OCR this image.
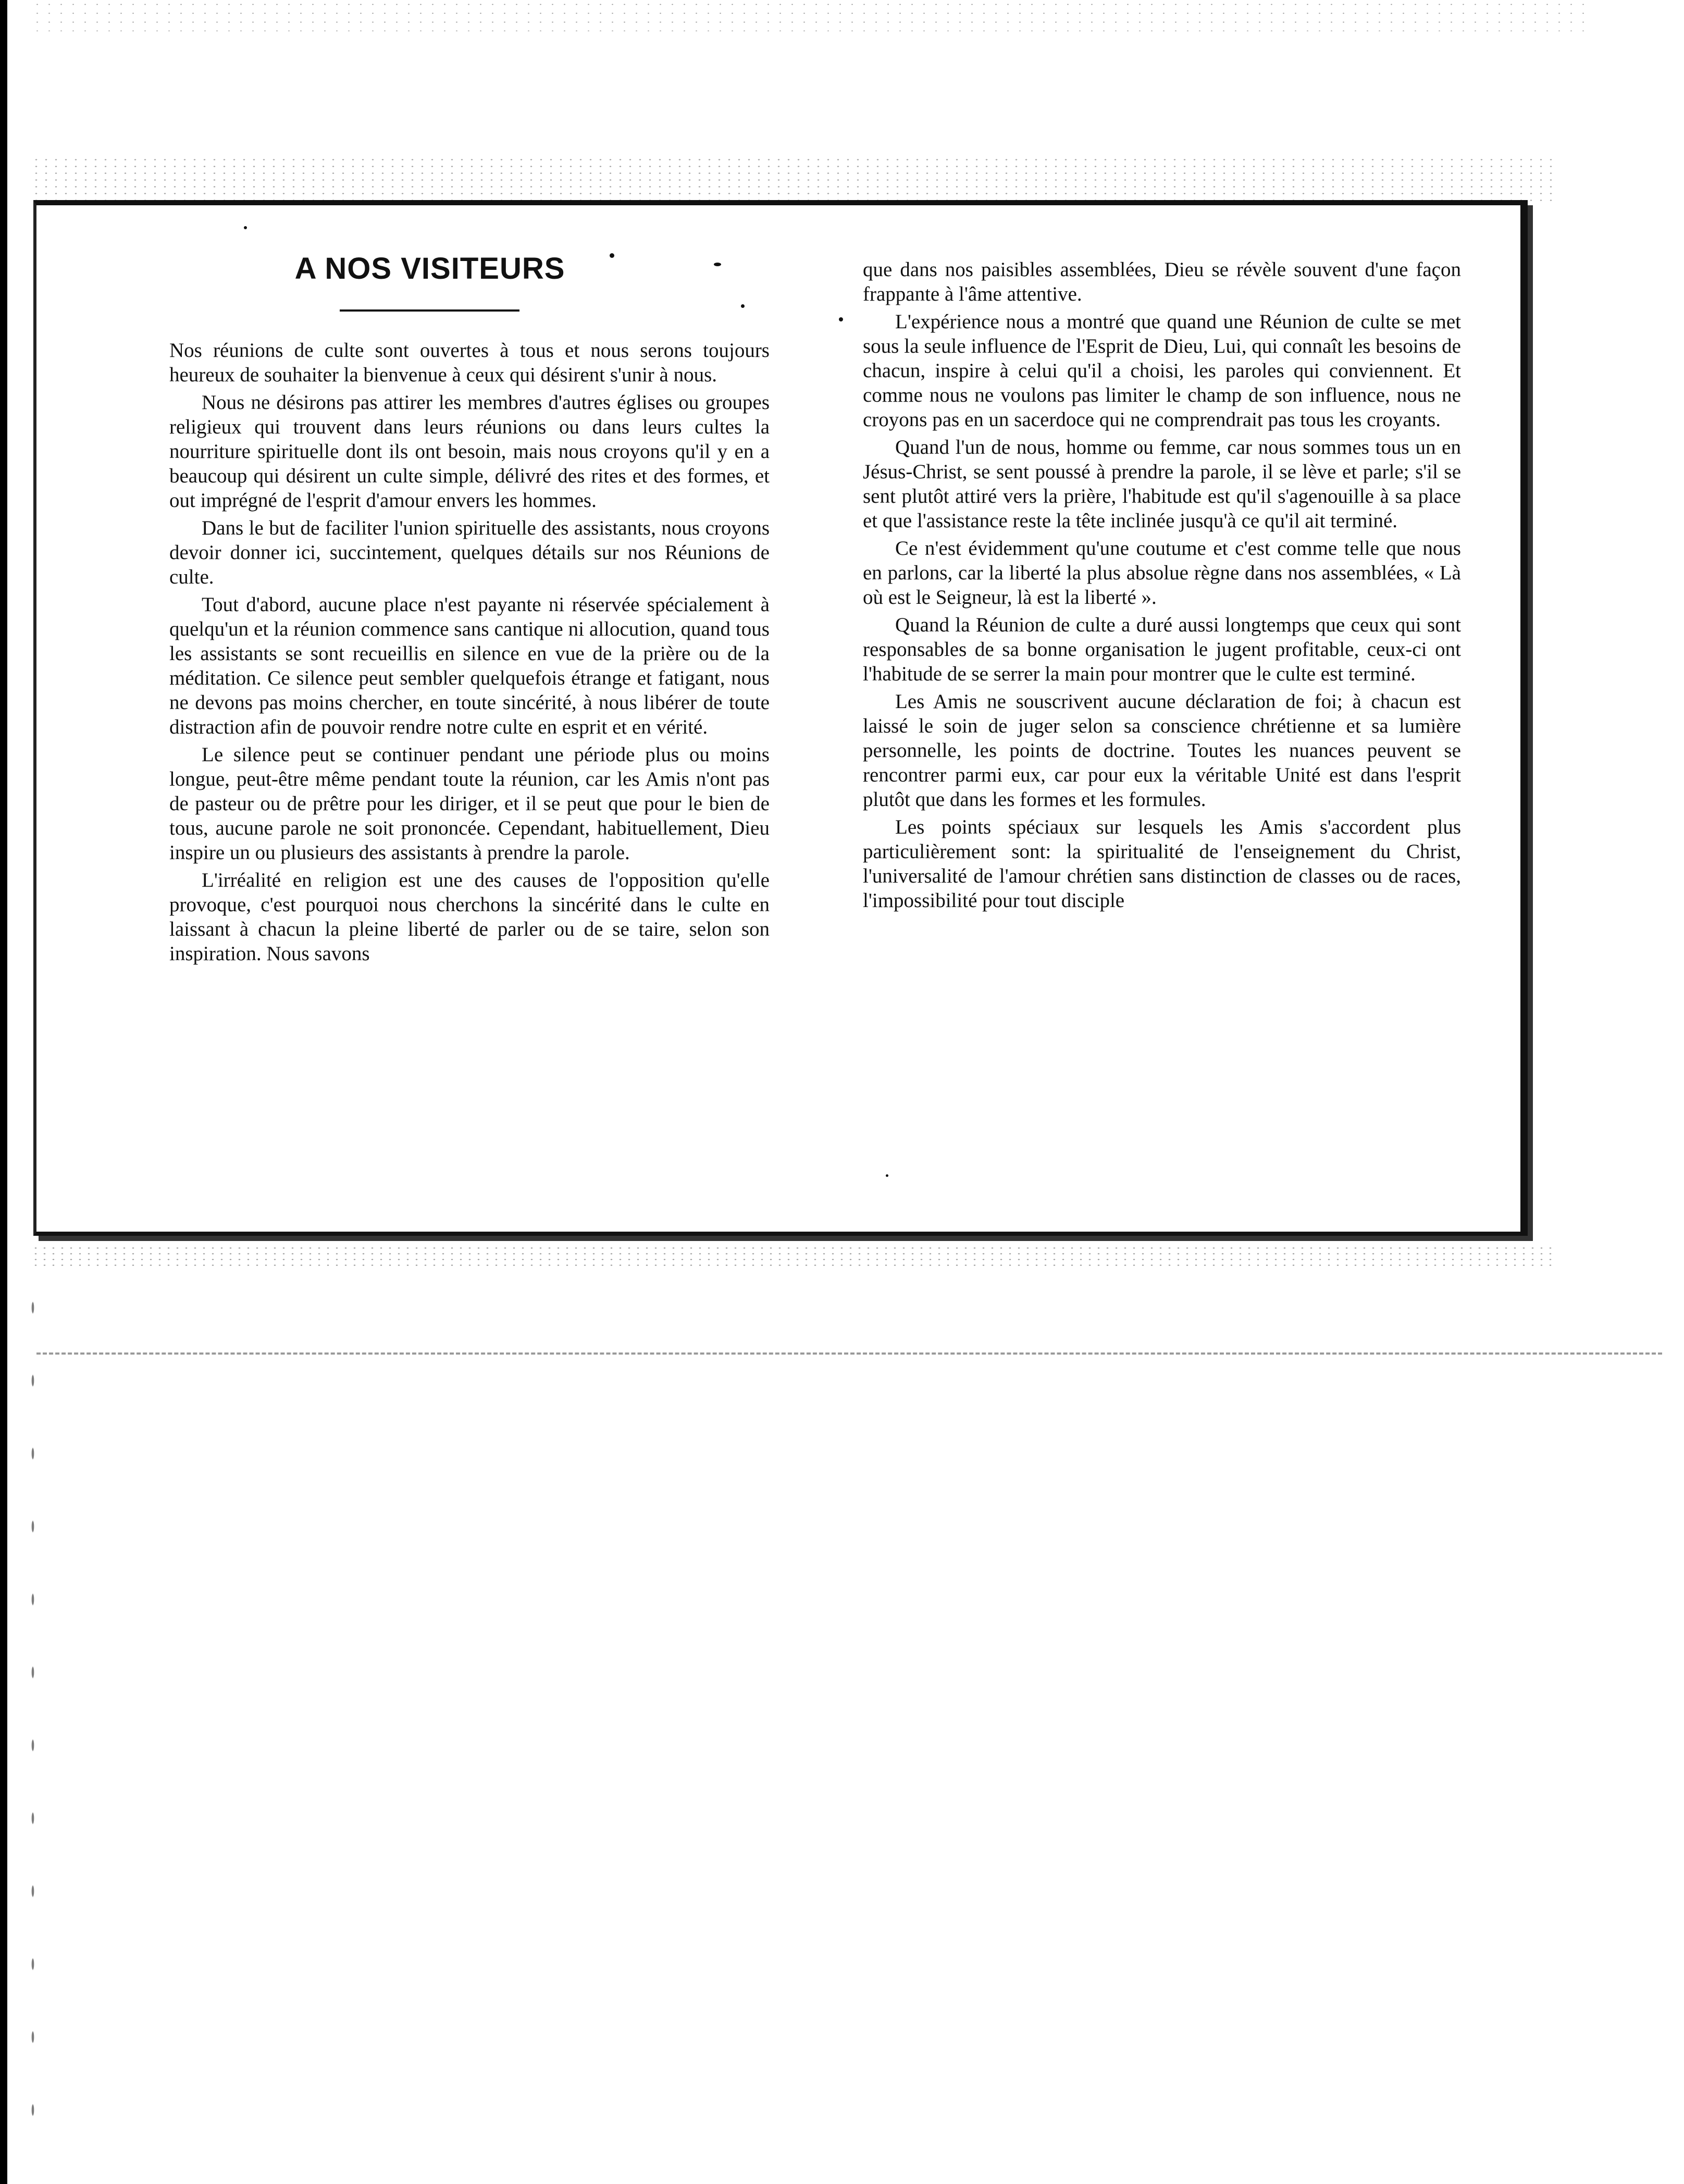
A NOS VISITEURS

Nos réunions de culte sont ouvertes à tous et nous serons toujours heureux de souhaiter la bienvenue à ceux qui désirent s'unir à nous.

Nous ne désirons pas attirer les membres d'autres églises ou groupes religieux qui trouvent dans leurs réunions ou dans leurs cultes la nourriture spirituelle dont ils ont besoin, mais nous croyons qu'il y en a beaucoup qui désirent un culte simple, délivré des rites et des formes, et out imprégné de l'esprit d'amour envers les hommes.

Dans le but de faciliter l'union spirituelle des assistants, nous croyons devoir donner ici, succintement, quelques détails sur nos Réunions de culte.

Tout d'abord, aucune place n'est payante ni réservée spécialement à quelqu'un et la réunion commence sans cantique ni allocution, quand tous les assistants se sont recueillis en silence en vue de la prière ou de la méditation. Ce silence peut sembler quelquefois étrange et fatigant, nous ne devons pas moins chercher, en toute sincérité, à nous libérer de toute distraction afin de pouvoir rendre notre culte en esprit et en vérité.

Le silence peut se continuer pendant une période plus ou moins longue, peut-être même pendant toute la réunion, car les Amis n'ont pas de pasteur ou de prêtre pour les diriger, et il se peut que pour le bien de tous, aucune parole ne soit prononcée. Cependant, habituellement, Dieu inspire un ou plusieurs des assistants à prendre la parole.

L'irréalité en religion est une des causes de l'opposition qu'elle provoque, c'est pourquoi nous cherchons la sincérité dans le culte en laissant à chacun la pleine liberté de parler ou de se taire, selon son inspiration. Nous savons

que dans nos paisibles assemblées, Dieu se révèle souvent d'une façon frappante à l'âme attentive.

L'expérience nous a montré que quand une Réunion de culte se met sous la seule influence de l'Esprit de Dieu, Lui, qui connaît les besoins de chacun, inspire à celui qu'il a choisi, les paroles qui conviennent. Et comme nous ne voulons pas limiter le champ de son influence, nous ne croyons pas en un sacerdoce qui ne comprendrait pas tous les croyants.

Quand l'un de nous, homme ou femme, car nous sommes tous un en Jésus-Christ, se sent poussé à prendre la parole, il se lève et parle; s'il se sent plutôt attiré vers la prière, l'habitude est qu'il s'agenouille à sa place et que l'assistance reste la tête inclinée jusqu'à ce qu'il ait terminé.

Ce n'est évidemment qu'une coutume et c'est comme telle que nous en parlons, car la liberté la plus absolue règne dans nos assemblées, « Là où est le Seigneur, là est la liberté ».

Quand la Réunion de culte a duré aussi longtemps que ceux qui sont responsables de sa bonne organisation le jugent profitable, ceux-ci ont l'habitude de se serrer la main pour montrer que le culte est terminé.

Les Amis ne souscrivent aucune déclaration de foi; à chacun est laissé le soin de juger selon sa conscience chrétienne et sa lumière personnelle, les points de doctrine. Toutes les nuances peuvent se rencontrer parmi eux, car pour eux la véritable Unité est dans l'esprit plutôt que dans les formes et les formules.

Les points spéciaux sur lesquels les Amis s'accordent plus particulièrement sont: la spiritualité de l'enseignement du Christ, l'universalité de l'amour chrétien sans distinction de classes ou de races, l'impossibilité pour tout disciple
